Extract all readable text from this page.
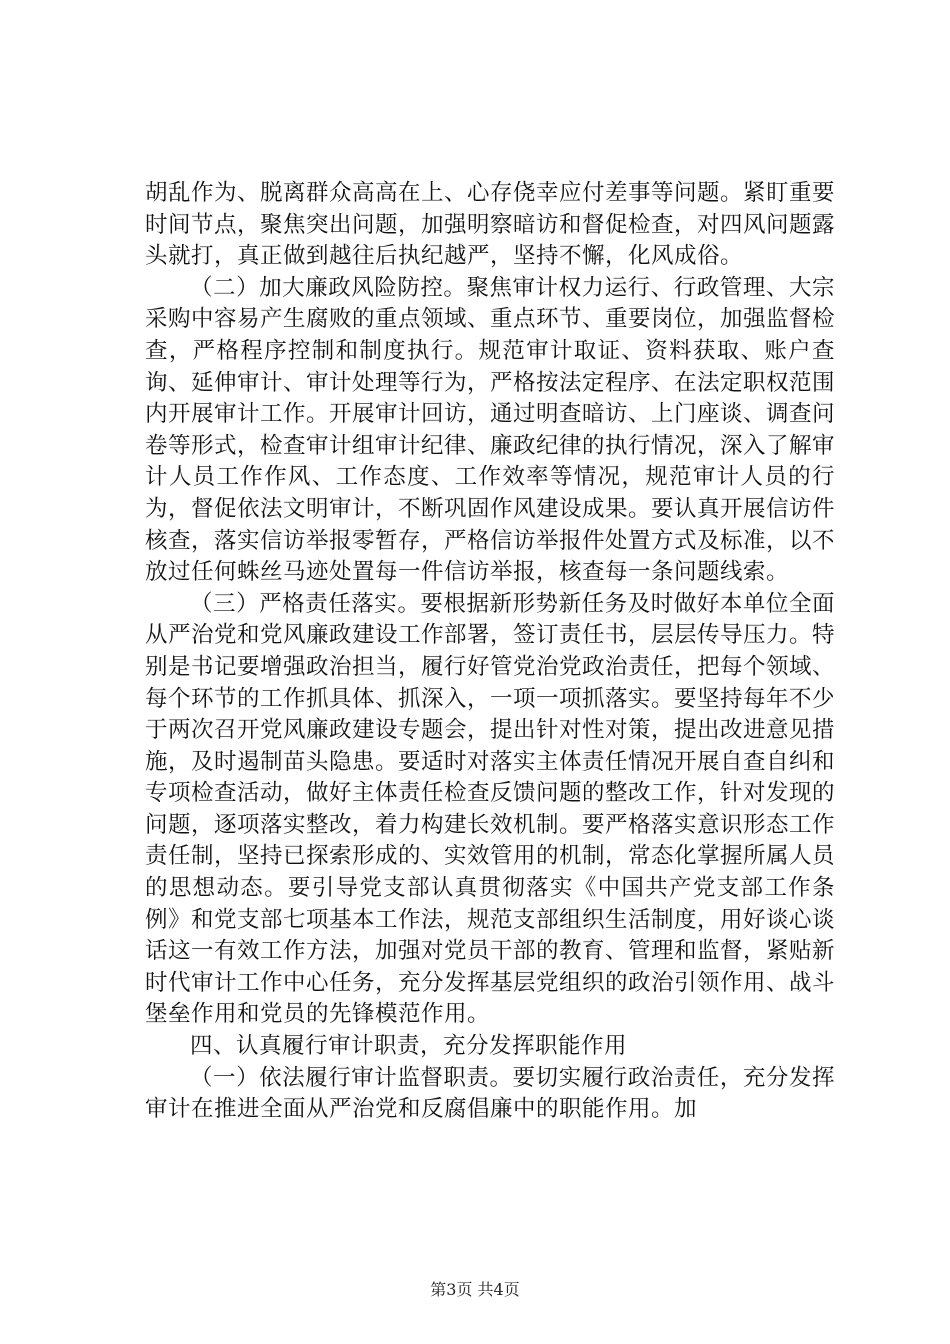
胡乱作为、脱离群众高高在上、心存侥幸应付差事等问题。紧盯重要时间节点，聚焦突出问题，加强明察暗访和督促检查，对四风问题露头就打，真正做到越往后执纪越严，坚持不懈，化风成俗。

（二）加大廉政风险防控。聚焦审计权力运行、行政管理、大宗采购中容易产生腐败的重点领域、重点环节、重要岗位，加强监督检查，严格程序控制和制度执行。规范审计取证、资料获取、账户查询、延伸审计、审计处理等行为，严格按法定程序、在法定职权范围内开展审计工作。开展审计回访，通过明查暗访、上门座谈、调查问卷等形式，检查审计组审计纪律、廉政纪律的执行情况，深入了解审计人员工作作风、工作态度、工作效率等情况，规范审计人员的行为，督促依法文明审计，不断巩固作风建设成果。要认真开展信访件核查，落实信访举报零暂存，严格信访举报件处置方式及标准，以不放过任何蛛丝马迹处置每一件信访举报，核查每一条问题线索。

（三）严格责任落实。要根据新形势新任务及时做好本单位全面从严治党和党风廉政建设工作部署，签订责任书，层层传导压力。特别是书记要增强政治担当，履行好管党治党政治责任，把每个领域、每个环节的工作抓具体、抓深入，一项一项抓落实。要坚持每年不少于两次召开党风廉政建设专题会，提出针对性对策，提出改进意见措施，及时遏制苗头隐患。要适时对落实主体责任情况开展自查自纠和专项检查活动，做好主体责任检查反馈问题的整改工作，针对发现的问题，逐项落实整改，着力构建长效机制。要严格落实意识形态工作责任制，坚持已探索形成的、实效管用的机制，常态化掌握所属人员的思想动态。要引导党支部认真贯彻落实《中国共产党支部工作条例》和党支部七项基本工作法，规范支部组织生活制度，用好谈心谈话这一有效工作方法，加强对党员干部的教育、管理和监督，紧贴新时代审计工作中心任务，充分发挥基层党组织的政治引领作用、战斗堡垒作用和党员的先锋模范作用。

四、认真履行审计职责，充分发挥职能作用

（一）依法履行审计监督职责。要切实履行政治责任，充分发挥审计在推进全面从严治党和反腐倡廉中的职能作用。加

第3页 共4页
